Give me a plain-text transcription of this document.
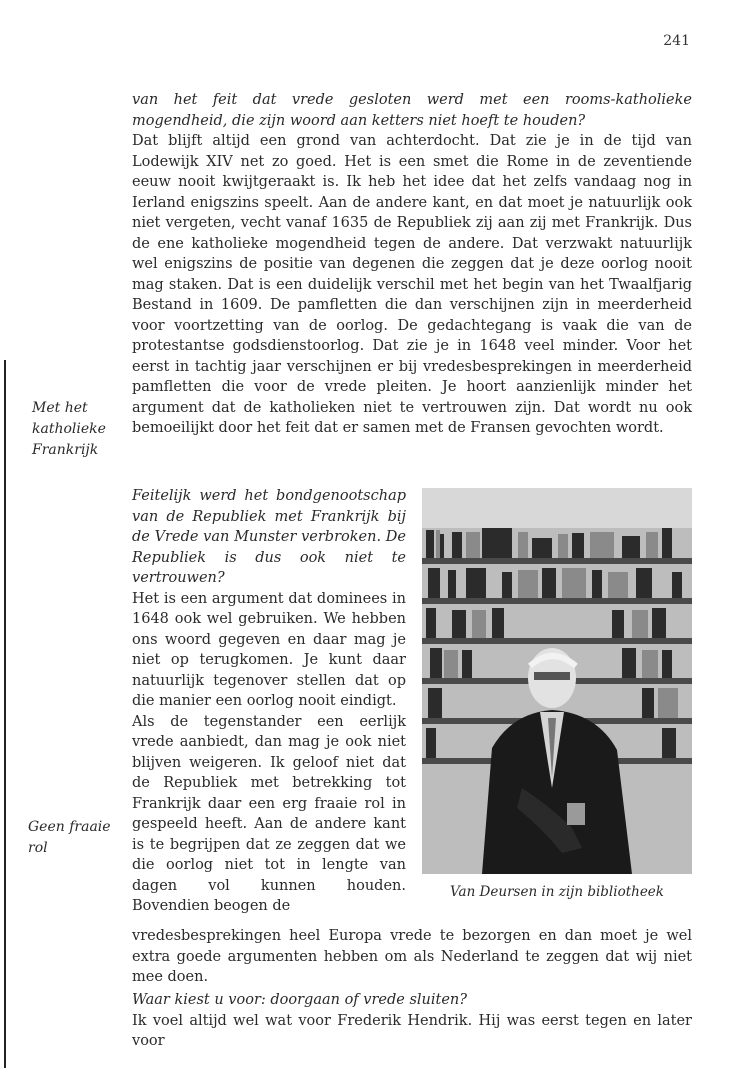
241
van het feit dat vrede gesloten werd met een rooms-katholieke mogendheid, die zijn woord aan ketters niet hoeft te houden?
Dat blijft altijd een grond van achterdocht. Dat zie je in de tijd van Lodewijk XIV net zo goed. Het is een smet die Rome in de zeventiende eeuw nooit kwijtgeraakt is. Ik heb het idee dat het zelfs vandaag nog in Ierland enigszins speelt. Aan de andere kant, en dat moet je natuurlijk ook niet vergeten, vecht vanaf 1635 de Republiek zij aan zij met Frankrijk. Dus de ene katholieke mogendheid tegen de andere. Dat verzwakt natuurlijk wel enigszins de positie van degenen die zeggen dat je deze oorlog nooit mag staken. Dat is een duidelijk verschil met het begin van het Twaalfjarig Bestand in 1609. De pamfletten die dan verschijnen zijn in meerderheid voor voortzetting van de oorlog. De gedachtegang is vaak die van de protestantse godsdienstoorlog. Dat zie je in 1648 veel minder. Voor het eerst in tachtig jaar verschijnen er bij vredesbesprekingen in meerderheid pamfletten die voor de vrede pleiten. Je hoort aanzienlijk minder het argument dat de katholieken niet te vertrouwen zijn. Dat wordt nu ook bemoeilijkt door het feit dat er samen met de Fransen gevochten wordt.
Met het
katholieke
Frankrijk
Feitelijk werd het bondgenootschap van de Republiek met Frankrijk bij de Vrede van Munster verbroken. De Republiek is dus ook niet te vertrouwen?
Het is een argument dat dominees in 1648 ook wel gebruiken. We hebben ons woord gegeven en daar mag je niet op terugkomen. Je kunt daar natuurlijk tegenover stellen dat op die manier een oorlog nooit eindigt.
Als de tegenstander een eerlijk vrede aanbiedt, dan mag je ook niet blijven weigeren. Ik geloof niet dat de Republiek met betrekking tot Frankrijk daar een erg fraaie rol in gespeeld heeft. Aan de andere kant is te begrijpen dat ze zeggen dat we die oorlog niet tot in lengte van dagen vol kunnen houden. Bovendien beogen de
Van Deursen in zijn bibliotheek
Geen fraaie
rol

vredesbesprekingen heel Europa vrede te bezorgen en dan moet je wel extra goede argumenten hebben om als Nederland te zeggen dat wij niet mee doen.

Waar kiest u voor: doorgaan of vrede sluiten?
Ik voel altijd wel wat voor Frederik Hendrik. Hij was eerst tegen en later voor
